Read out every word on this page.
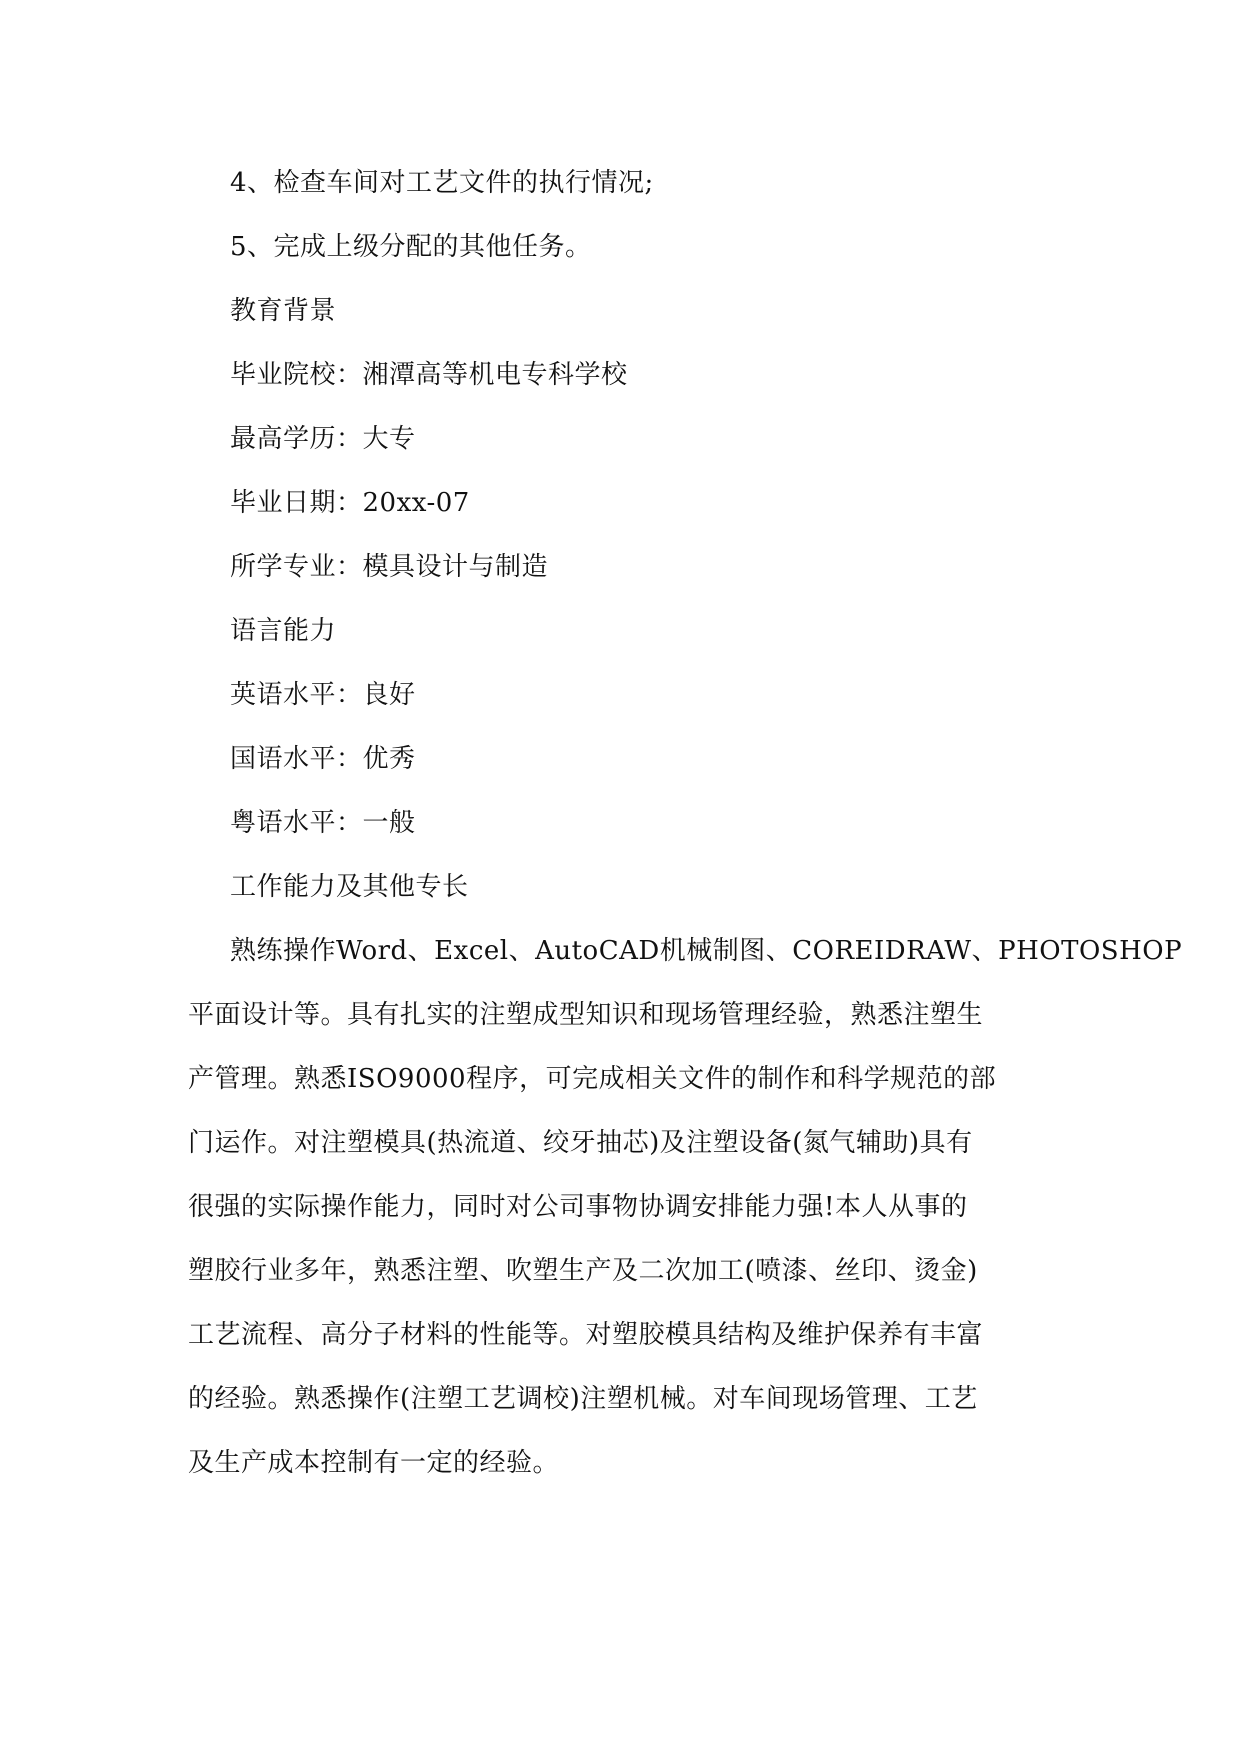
4、检查车间对工艺文件的执行情况;
5、完成上级分配的其他任务。
教育背景
毕业院校：湘潭高等机电专科学校
最高学历：大专
毕业日期：20xx-07
所学专业：模具设计与制造
语言能力
英语水平：良好
国语水平：优秀
粤语水平：一般
工作能力及其他专长
熟练操作Word、Excel、AutoCAD机械制图、COREIDRAW、PHOTOSHOP
平面设计等。具有扎实的注塑成型知识和现场管理经验，熟悉注塑生
产管理。熟悉ISO9000程序，可完成相关文件的制作和科学规范的部
门运作。对注塑模具(热流道、绞牙抽芯)及注塑设备(氮气辅助)具有
很强的实际操作能力，同时对公司事物协调安排能力强!本人从事的
塑胶行业多年，熟悉注塑、吹塑生产及二次加工(喷漆、丝印、烫金)
工艺流程、高分子材料的性能等。对塑胶模具结构及维护保养有丰富
的经验。熟悉操作(注塑工艺调校)注塑机械。对车间现场管理、工艺
及生产成本控制有一定的经验。
